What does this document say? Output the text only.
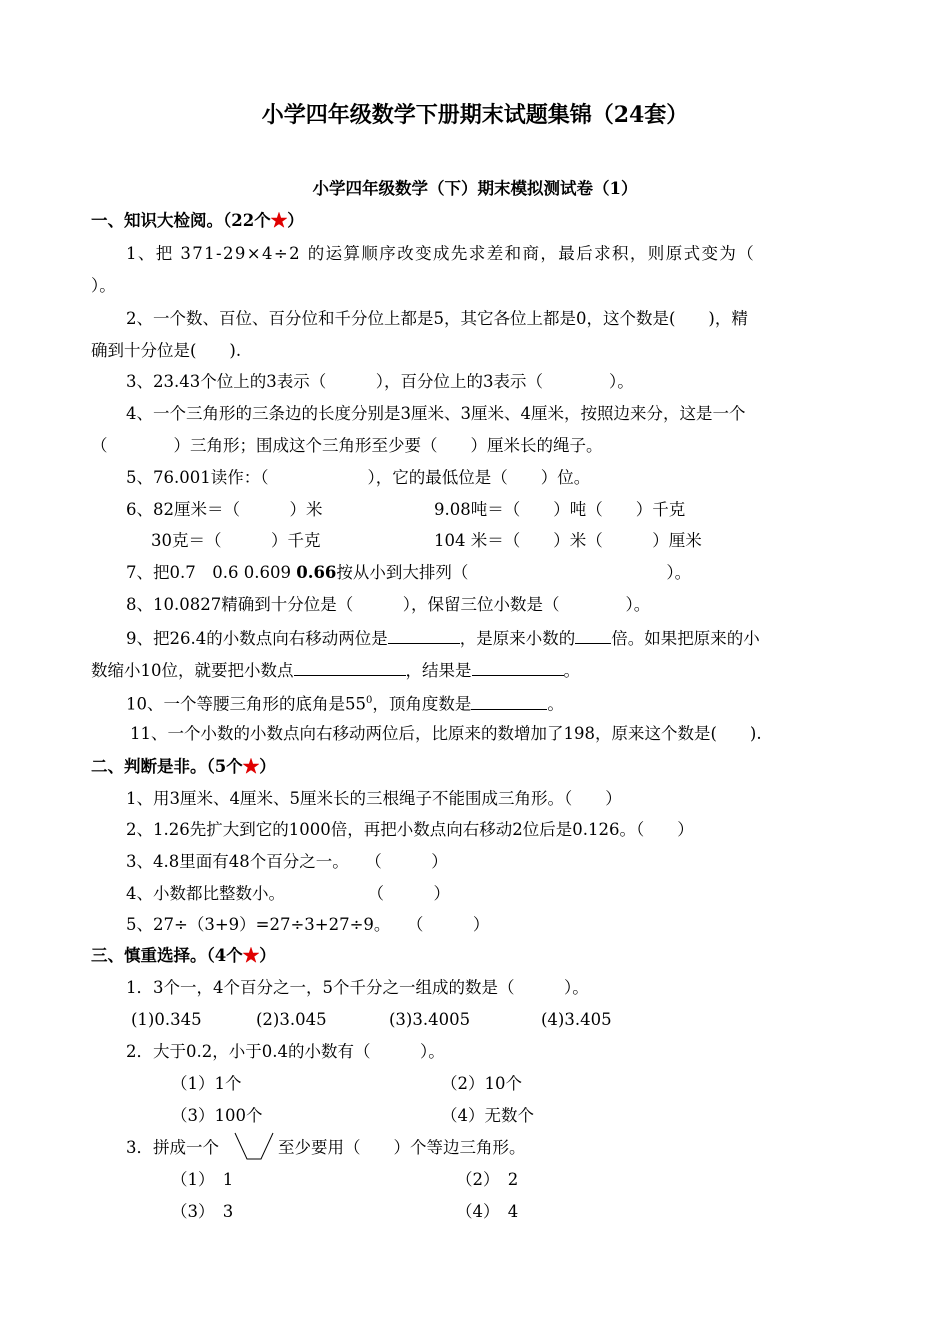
小学四年级数学下册期末试题集锦（24套）
小学四年级数学（下）期末模拟测试卷（1）
一、知识大检阅。（22个★）
1、把 371-29×4÷2 的运算顺序改变成先求差和商，最后求积，则原式变为（
）。
2、一个数、百位、百分位和千分位上都是5，其它各位上都是0，这个数是(　　)，精
确到十分位是(　　).
3、23.43个位上的3表示（　　　），百分位上的3表示（　　　　）。
4、一个三角形的三条边的长度分别是3厘米、3厘米、4厘米，按照边来分，这是一个
（　　　　）三角形；围成这个三角形至少要（　　）厘米长的绳子。
5、76.001读作：（　　　　　　），它的最低位是（　　）位。
6、82厘米＝（　　　）米	9.08吨＝（　　）吨（　　）千克
30克＝（　　　）千克	104 米＝（　　）米（　　　）厘米
7、把0.7　0.6 0.609 0.66按从小到大排列（　　　　　　　　　　　　）。
8、10.0827精确到十分位是（　　　），保留三位小数是（　　　　）。
9、把26.4的小数点向右移动两位是	，是原来小数的 倍。如果把原来的小
数缩小10位，就要把小数点	，结果是	。
10、一个等腰三角形的底角是$55^0$，顶角度数是	。
11、一个小数的小数点向右移动两位后，比原来的数增加了198，原来这个数是(　　).
二、判断是非。（5个★）
1、用3厘米、4厘米、5厘米长的三根绳子不能围成三角形。（　　）
2、1.26先扩大到它的1000倍，再把小数点向右移动2位后是0.126。（　　）
3、4.8里面有48个百分之一。　　（　　　）
4、小数都比整数小。　　　　　　（　　　）
5、27÷（3+9）=27÷3+27÷9。　　（　　　）
三、慎重选择。（4个★）
1．3个一，4个百分之一，5个千分之一组成的数是（　　　）。
(1)0.345	(2)3.045	(3)3.4005	(4)3.405
2．大于0.2，小于0.4的小数有（　　　）。
（1）1个	（2）10个
（3）100个	（4）无数个
3．拼成一个	至少要用（　　）个等边三角形。
（1）　1	（2）　2
（3）　3	（4）　4
